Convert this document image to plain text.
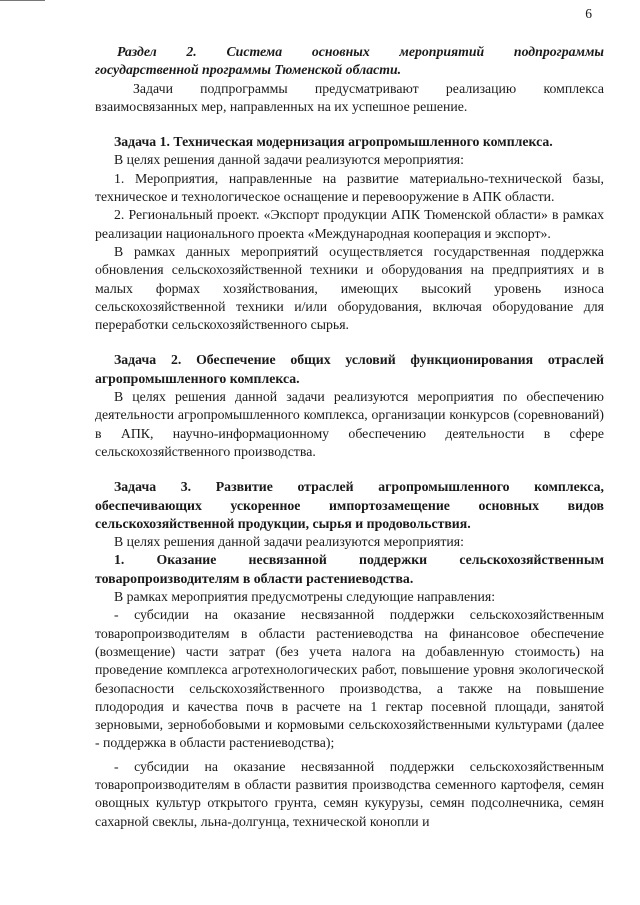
6

Раздел 2. Система основных мероприятий подпрограммы

государственной программы Тюменской области.

Задачи подпрограммы предусматривают реализацию комплекса взаимосвязанных мер, направленных на их успешное решение.

Задача 1. Техническая модернизация агропромышленного комплекса.

В целях решения данной задачи реализуются мероприятия:

1. Мероприятия, направленные на развитие материально-технической базы, техническое и технологическое оснащение и перевооружение в АПК области.

2. Региональный проект. «Экспорт продукции АПК Тюменской области» в рамках реализации национального проекта «Международная кооперация и экспорт».

В рамках данных мероприятий осуществляется государственная поддержка обновления сельскохозяйственной техники и оборудования на предприятиях и в малых формах хозяйствования, имеющих высокий уровень износа сельскохозяйственной техники и/или оборудования, включая оборудование для переработки сельскохозяйственного сырья.

Задача 2. Обеспечение общих условий функционирования отраслей агропромышленного комплекса.

В целях решения данной задачи реализуются мероприятия по обеспечению деятельности агропромышленного комплекса, организации конкурсов (соревнований) в АПК, научно-информационному обеспечению деятельности в сфере сельскохозяйственного производства.

Задача 3. Развитие отраслей агропромышленного комплекса, обеспечивающих ускоренное импортозамещение основных видов сельскохозяйственной продукции, сырья и продовольствия.

В целях решения данной задачи реализуются мероприятия:

1. Оказание несвязанной поддержки сельскохозяйственным товаропроизводителям в области растениеводства.

В рамках мероприятия предусмотрены следующие направления:

- субсидии на оказание несвязанной поддержки сельскохозяйственным товаропроизводителям в области растениеводства на финансовое обеспечение (возмещение) части затрат (без учета налога на добавленную стоимость) на проведение комплекса агротехнологических работ, повышение уровня экологической безопасности сельскохозяйственного производства, а также на повышение плодородия и качества почв в расчете на 1 гектар посевной площади, занятой зерновыми, зернобобовыми и кормовыми сельскохозяйственными культурами (далее - поддержка в области растениеводства);

- субсидии на оказание несвязанной поддержки сельскохозяйственным товаропроизводителям в области развития производства семенного картофеля, семян овощных культур открытого грунта, семян кукурузы, семян подсолнечника, семян сахарной свеклы, льна-долгунца, технической конопли и
